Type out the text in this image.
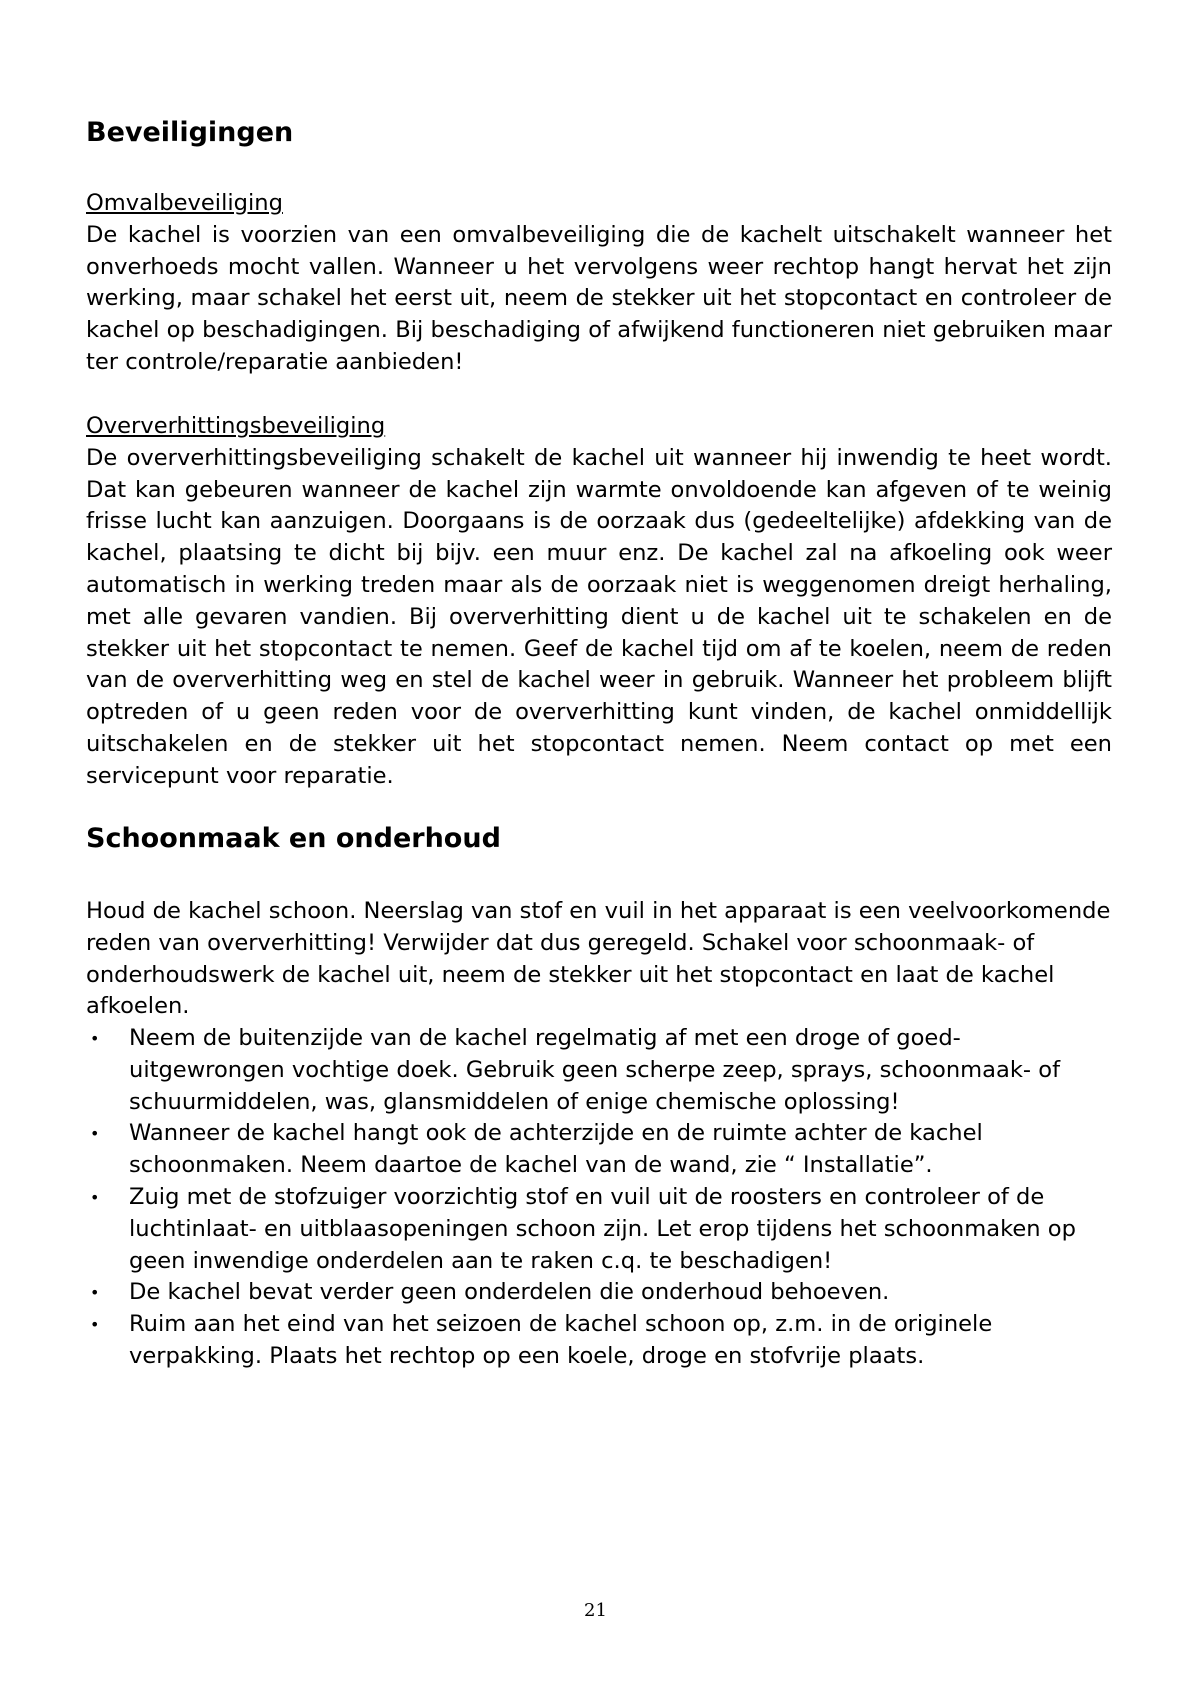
Beveiligingen
Omvalbeveiliging
De kachel is voorzien van een omvalbeveiliging die de kachelt uitschakelt wanneer het onverhoeds mocht vallen. Wanneer u het vervolgens weer rechtop hangt hervat het zijn werking, maar schakel het eerst uit, neem de stekker uit het stopcontact en controleer de kachel op beschadigingen. Bij beschadiging of afwijkend functioneren niet gebruiken maar ter controle/reparatie aanbieden!
Oververhittingsbeveiliging
De oververhittingsbeveiliging schakelt de kachel uit wanneer hij inwendig te heet wordt. Dat kan gebeuren wanneer de kachel zijn warmte onvoldoende kan afgeven of te weinig frisse lucht kan aanzuigen. Doorgaans is de oorzaak dus (gedeeltelijke) afdekking van de kachel, plaatsing te dicht bij bijv. een muur enz. De kachel zal na afkoeling ook weer automatisch in werking treden maar als de oorzaak niet is weggenomen dreigt herhaling, met alle gevaren vandien. Bij oververhitting dient u de kachel uit te schakelen en de stekker uit het stopcontact te nemen. Geef de kachel tijd om af te koelen, neem de reden van de oververhitting weg en stel de kachel weer in gebruik. Wanneer het probleem blijft optreden of u geen reden voor de oververhitting kunt vinden, de kachel onmiddellijk uitschakelen en de stekker uit het stopcontact nemen. Neem contact op met een servicepunt voor reparatie.
Schoonmaak en onderhoud
Houd de kachel schoon. Neerslag van stof en vuil in het apparaat is een veelvoorkomende reden van oververhitting! Verwijder dat dus geregeld. Schakel voor schoonmaak- of onderhoudswerk de kachel uit, neem de stekker uit het stopcontact en laat de kachel afkoelen.
• Neem de buitenzijde van de kachel regelmatig af met een droge of goed-uitgewrongen vochtige doek. Gebruik geen scherpe zeep, sprays, schoonmaak- of schuurmiddelen, was, glansmiddelen of enige chemische oplossing!
• Wanneer de kachel hangt ook de achterzijde en de ruimte achter de kachel schoonmaken. Neem daartoe de kachel van de wand, zie “ Installatie”.
• Zuig met de stofzuiger voorzichtig stof en vuil uit de roosters en controleer of de luchtinlaat- en uitblaasopeningen schoon zijn. Let erop tijdens het schoonmaken op geen inwendige onderdelen aan te raken c.q. te beschadigen!
• De kachel bevat verder geen onderdelen die onderhoud behoeven.
• Ruim aan het eind van het seizoen de kachel schoon op, z.m. in de originele verpakking. Plaats het rechtop op een koele, droge en stofvrije plaats.
21
